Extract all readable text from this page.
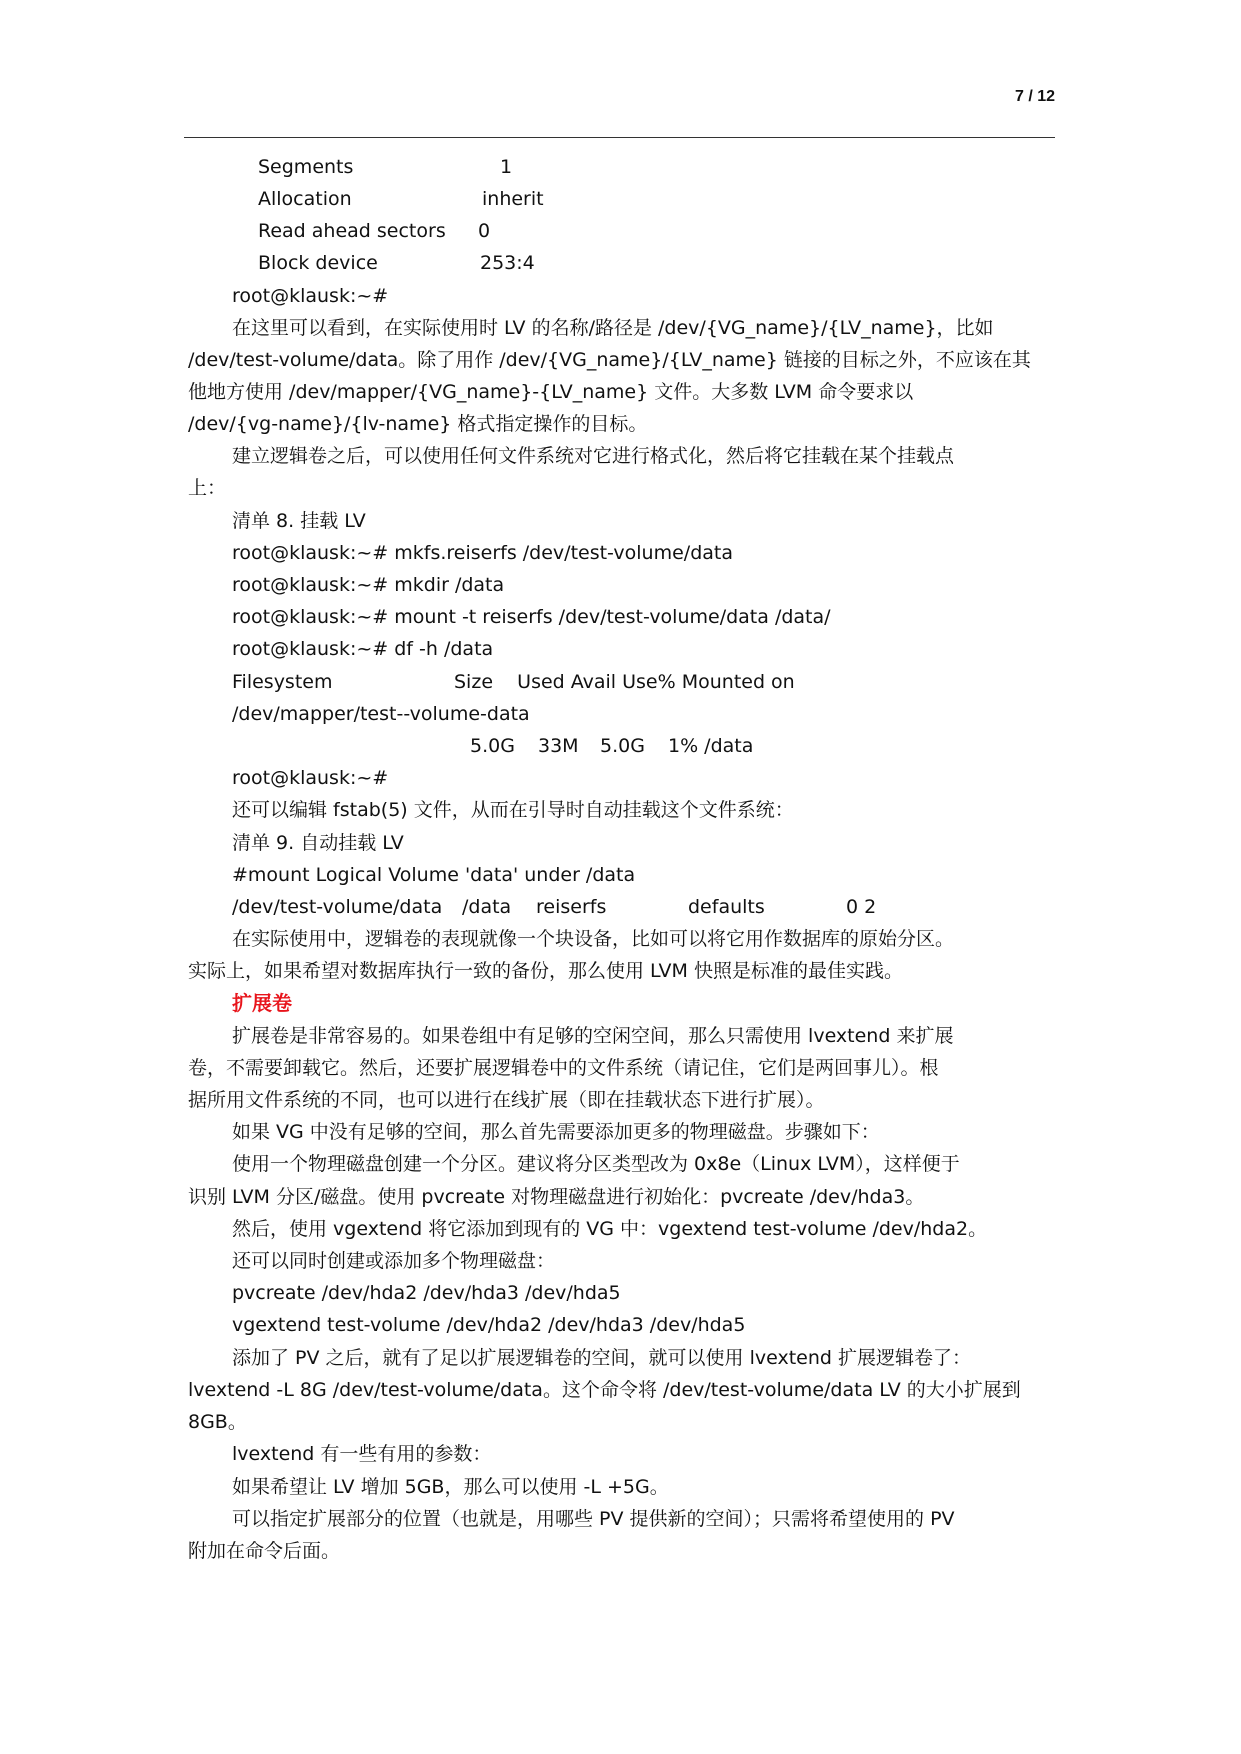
7 / 12
Segments	1
Allocation	inherit
Read ahead sectors 0
Block device	253:4
root@klausk:~#
在这里可以看到，在实际使用时 LV 的名称/路径是 /dev/{VG_name}/{LV_name}，比如
/dev/test-volume/data。除了用作 /dev/{VG_name}/{LV_name} 链接的目标之外，不应该在其
他地方使用 /dev/mapper/{VG_name}-{LV_name} 文件。大多数 LVM 命令要求以
/dev/{vg-name}/{lv-name} 格式指定操作的目标。
建立逻辑卷之后，可以使用任何文件系统对它进行格式化，然后将它挂载在某个挂载点
上：
清单 8. 挂载 LV
root@klausk:~# mkfs.reiserfs /dev/test-volume/data
root@klausk:~# mkdir /data
root@klausk:~# mount -t reiserfs /dev/test-volume/data /data/
root@klausk:~# df -h /data
Filesystem	Size    Used Avail Use% Mounted on
/dev/mapper/test--volume-data
5.0G 33M 5.0G 1% /data
root@klausk:~#
还可以编辑 fstab(5) 文件，从而在引导时自动挂载这个文件系统：
清单 9. 自动挂载 LV
#mount Logical Volume 'data' under /data
/dev/test-volume/data /data reiserfs	defaults	0 2
在实际使用中，逻辑卷的表现就像一个块设备，比如可以将它用作数据库的原始分区。
实际上，如果希望对数据库执行一致的备份，那么使用 LVM 快照是标准的最佳实践。
扩展卷
扩展卷是非常容易的。如果卷组中有足够的空闲空间，那么只需使用 lvextend 来扩展
卷，不需要卸载它。然后，还要扩展逻辑卷中的文件系统（请记住，它们是两回事儿）。根
据所用文件系统的不同，也可以进行在线扩展（即在挂载状态下进行扩展）。
如果 VG 中没有足够的空间，那么首先需要添加更多的物理磁盘。步骤如下：
使用一个物理磁盘创建一个分区。建议将分区类型改为 0x8e（Linux LVM），这样便于
识别 LVM 分区/磁盘。使用 pvcreate 对物理磁盘进行初始化：pvcreate /dev/hda3。
然后，使用 vgextend 将它添加到现有的 VG 中：vgextend test-volume /dev/hda2。
还可以同时创建或添加多个物理磁盘：
pvcreate /dev/hda2 /dev/hda3 /dev/hda5
vgextend test-volume /dev/hda2 /dev/hda3 /dev/hda5
添加了 PV 之后，就有了足以扩展逻辑卷的空间，就可以使用 lvextend 扩展逻辑卷了：
lvextend -L 8G /dev/test-volume/data。这个命令将 /dev/test-volume/data LV 的大小扩展到
8GB。
lvextend 有一些有用的参数：
如果希望让 LV 增加 5GB，那么可以使用 -L +5G。
可以指定扩展部分的位置（也就是，用哪些 PV 提供新的空间）；只需将希望使用的 PV
附加在命令后面。
